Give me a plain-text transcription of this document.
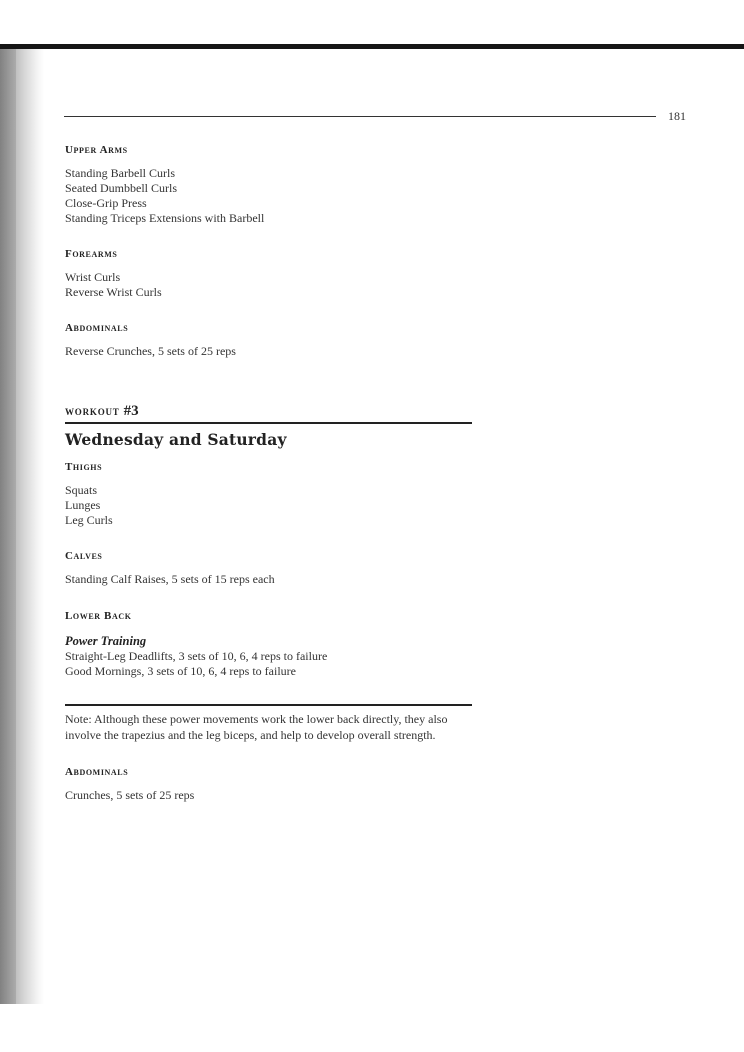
181
Upper Arms
Standing Barbell Curls
Seated Dumbbell Curls
Close-Grip Press
Standing Triceps Extensions with Barbell
Forearms
Wrist Curls
Reverse Wrist Curls
Abdominals
Reverse Crunches, 5 sets of 25 reps
workout #3
Wednesday and Saturday
Thighs
Squats
Lunges
Leg Curls
Calves
Standing Calf Raises, 5 sets of 15 reps each
Lower Back
Power Training
Straight-Leg Deadlifts, 3 sets of 10, 6, 4 reps to failure
Good Mornings, 3 sets of 10, 6, 4 reps to failure

Note: Although these power movements work the lower back directly, they also involve the trapezius and the leg biceps, and help to develop overall strength.

Abdominals
Crunches, 5 sets of 25 reps
